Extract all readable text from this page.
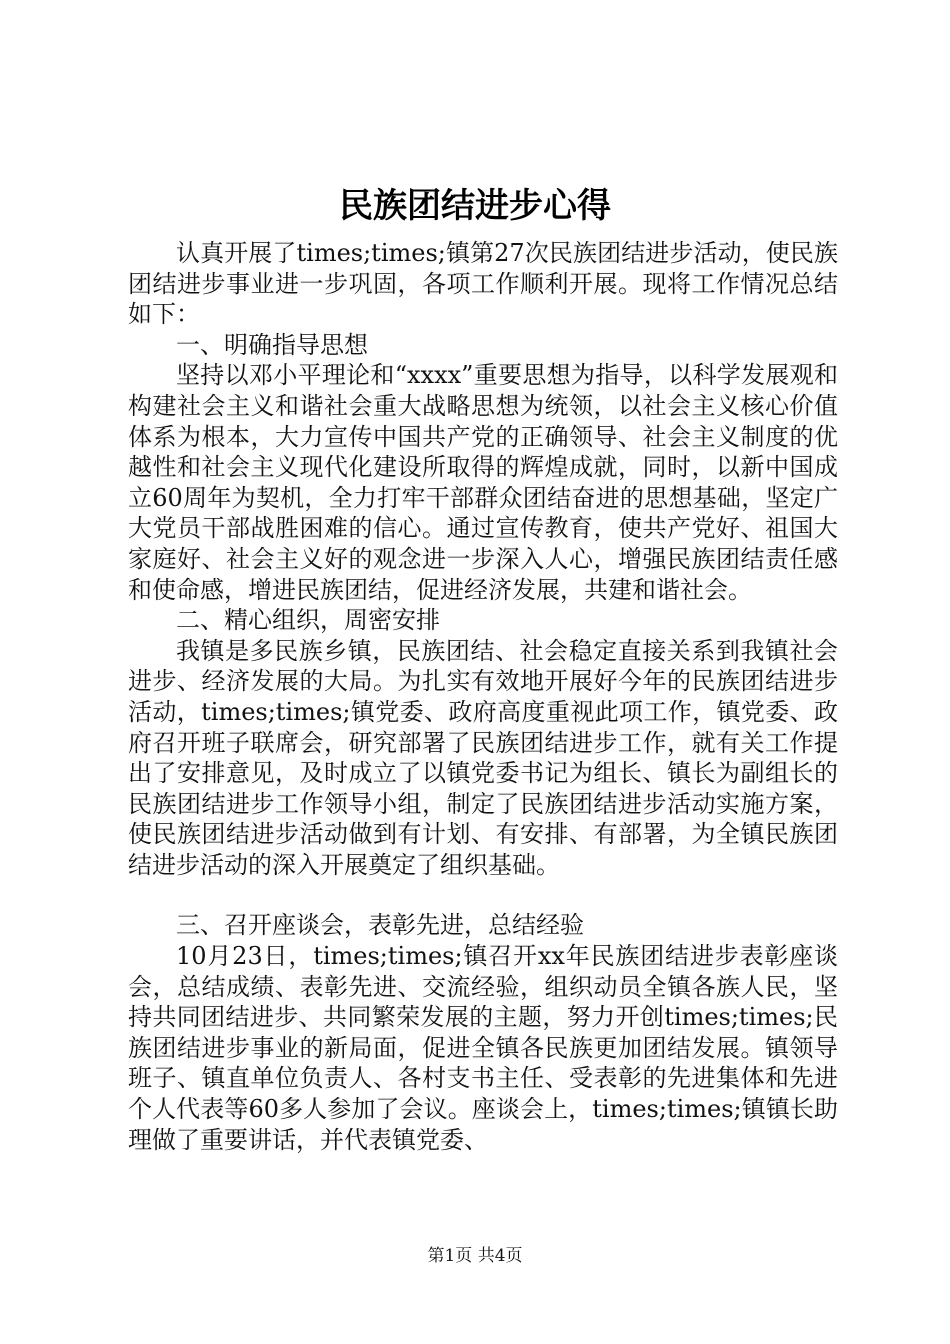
民族团结进步心得

认真开展了times;times;镇第27次民族团结进步活动，使民族团结进步事业进一步巩固，各项工作顺利开展。现将工作情况总结如下：

一、明确指导思想

坚持以邓小平理论和“xxxx”重要思想为指导，以科学发展观和构建社会主义和谐社会重大战略思想为统领，以社会主义核心价值体系为根本，大力宣传中国共产党的正确领导、社会主义制度的优越性和社会主义现代化建设所取得的辉煌成就，同时，以新中国成立60周年为契机，全力打牢干部群众团结奋进的思想基础，坚定广大党员干部战胜困难的信心。通过宣传教育，使共产党好、祖国大家庭好、社会主义好的观念进一步深入人心，增强民族团结责任感和使命感，增进民族团结，促进经济发展，共建和谐社会。

二、精心组织，周密安排

我镇是多民族乡镇，民族团结、社会稳定直接关系到我镇社会进步、经济发展的大局。为扎实有效地开展好今年的民族团结进步活动，times;times;镇党委、政府高度重视此项工作，镇党委、政府召开班子联席会，研究部署了民族团结进步工作，就有关工作提出了安排意见，及时成立了以镇党委书记为组长、镇长为副组长的民族团结进步工作领导小组，制定了民族团结进步活动实施方案，使民族团结进步活动做到有计划、有安排、有部署，为全镇民族团结进步活动的深入开展奠定了组织基础。

三、召开座谈会，表彰先进，总结经验

10月23日，times;times;镇召开xx年民族团结进步表彰座谈会，总结成绩、表彰先进、交流经验，组织动员全镇各族人民，坚持共同团结进步、共同繁荣发展的主题，努力开创times;times;民族团结进步事业的新局面，促进全镇各民族更加团结发展。镇领导班子、镇直单位负责人、各村支书主任、受表彰的先进集体和先进个人代表等60多人参加了会议。座谈会上，times;times;镇镇长助理做了重要讲话，并代表镇党委、

第1页 共4页
